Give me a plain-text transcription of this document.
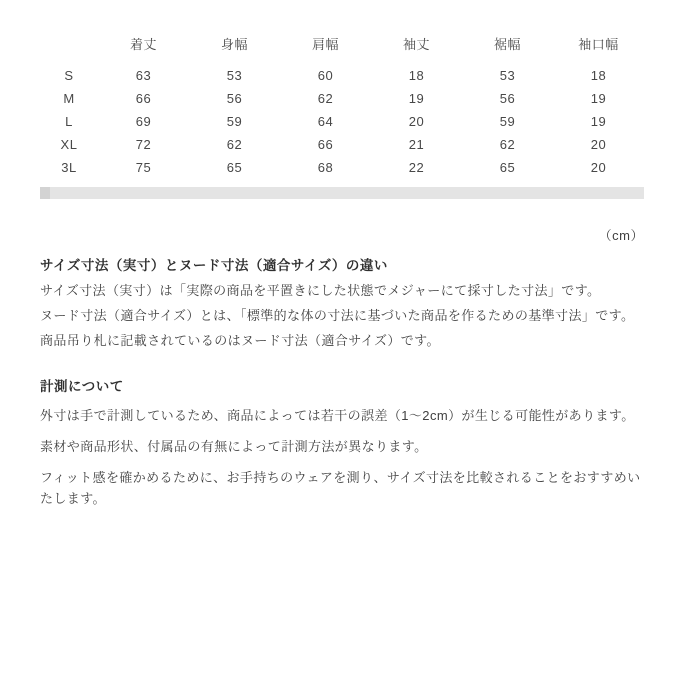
	着丈	身幅	肩幅	袖丈	裾幅	袖口幅
S	63	53	60	18	53	18
M	66	56	62	19	56	19
L	69	59	64	20	59	19
XL	72	62	66	21	62	20
3L	75	65	68	22	65	20
（cm）
サイズ寸法（実寸）とヌード寸法（適合サイズ）の違い

サイズ寸法（実寸）は「実際の商品を平置きにした状態でメジャーにて採寸した寸法」です。

ヌード寸法（適合サイズ）とは、「標準的な体の寸法に基づいた商品を作るための基準寸法」です。

商品吊り札に記載されているのはヌード寸法（適合サイズ）です。

計測について

外寸は手で計測しているため、商品によっては若干の誤差（1～2cm）が生じる可能性があります。

素材や商品形状、付属品の有無によって計測方法が異なります。

フィット感を確かめるために、お手持ちのウェアを測り、サイズ寸法を比較されることをおすすめいたします。
